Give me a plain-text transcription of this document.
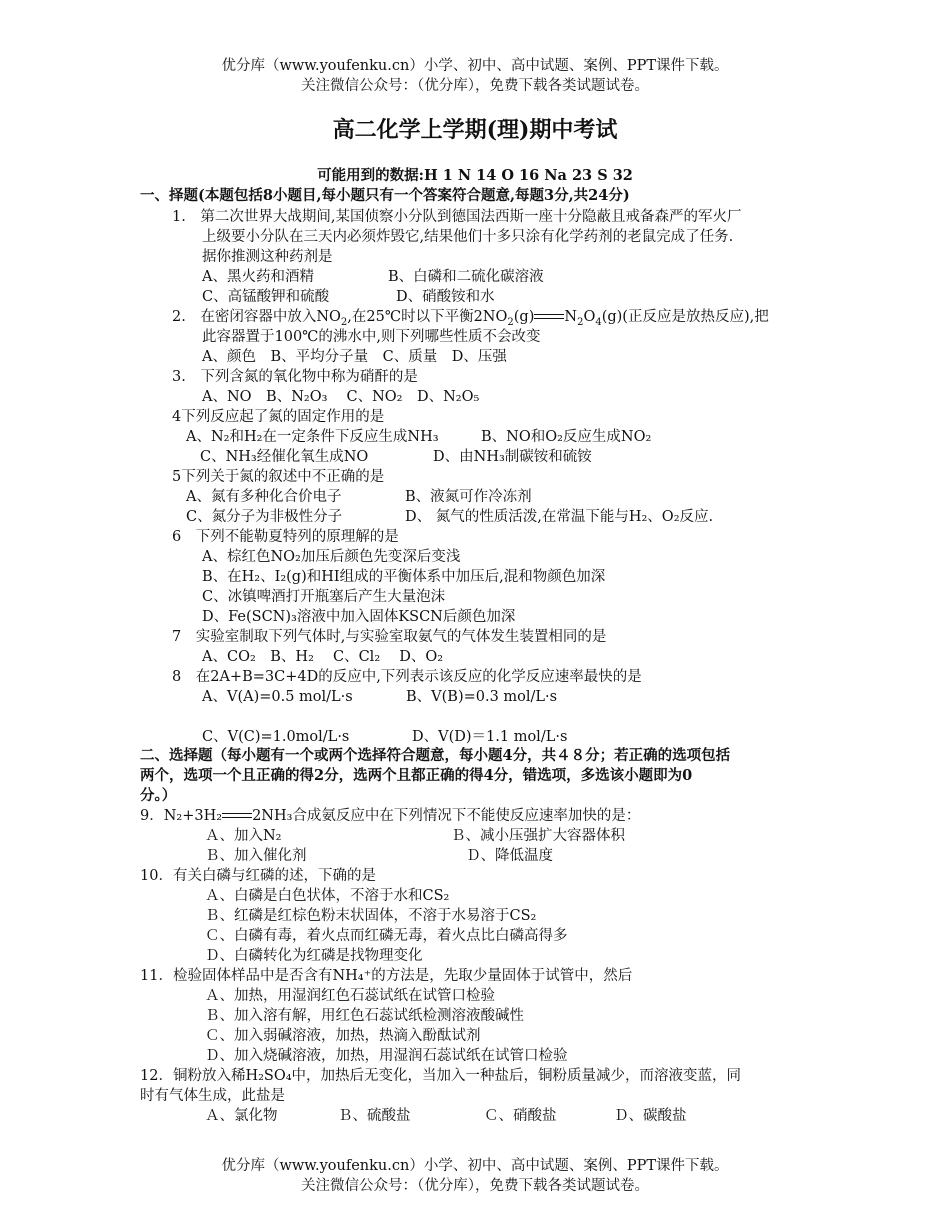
优分库（www.youfenku.cn）小学、初中、高中试题、案例、PPT课件下载。
关注微信公众号：（优分库），免费下载各类试题试卷。
高二化学上学期(理)期中考试
可能用到的数据:H 1 N 14 O 16 Na 23 S 32
一、择题(本题包括8小题目,每小题只有一个答案符合题意,每题3分,共24分)
1.　第二次世界大战期间,某国侦察小分队到德国法西斯一座十分隐蔽且戒备森严的军火厂
上级要小分队在三天内必须炸毁它,结果他们十多只涂有化学药剂的老鼠完成了任务.
据你推测这种药剂是
A、黑火药和酒精	B、白磷和二硫化碳溶液
C、高锰酸钾和硫酸	D、硝酸铵和水
2.　在密闭容器中放入$NO_2$,在25℃时以下平衡$2NO_2(g)$ $N_2O_4(g)$(正反应是放热反应),把
此容器置于100℃的沸水中,则下列哪些性质不会改变
A、颜色　B、平均分子量　C、质量　D、压强
3.　下列含氮的氧化物中称为硝酐的是
A、NO　B、N₂O₃　 C、NO₂　D、N₂O₅
4下列反应起了氮的固定作用的是
A、N₂和H₂在一定条件下反应生成NH₃	B、NO和O₂反应生成NO₂
C、NH₃经催化氧生成NO	D、由NH₃制碳铵和硫铵
5下列关于氮的叙述中不正确的是
A、氮有多种化合价电子	B、液氮可作冷冻剂
C、氮分子为非极性分子	D、 氮气的性质活泼,在常温下能与H₂、O₂反应.
6　下列不能勒夏特列的原理解的是
A、棕红色NO₂加压后颜色先变深后变浅
B、在H₂、I₂(g)和HI组成的平衡体系中加压后,混和物颜色加深
C、冰镇啤酒打开瓶塞后产生大量泡沫
D、Fe(SCN)₃溶液中加入固体KSCN后颜色加深
7　实验室制取下列气体时,与实验室取氨气的气体发生装置相同的是
A、CO₂　B、H₂　 C、Cl₂　 D、O₂
8　在2A+B=3C+4D的反应中,下列表示该反应的化学反应速率最快的是
A、V(A)=0.5 mol/L·s	B、V(B)=0.3 mol/L·s
C、V(C)=1.0mol/L·s	D、V(D)＝1.1 mol/L·s
二、选择题（每小题有一个或两个选择符合题意，每小题4分，共４８分；若正确的选项包括
两个，选项一个且正确的得2分，选两个且都正确的得4分，错选项，多选该小题即为0
分。）
9．N₂+3H₂ 2NH₃合成氨反应中在下列情况下不能使反应速率加快的是：
Ａ、加入N₂	Ｂ、减小压强扩大容器体积
Ｂ、加入催化剂	Ｄ、降低温度
10．有关白磷与红磷的述，下确的是
Ａ、白磷是白色状体，不溶于水和CS₂
Ｂ、红磷是红棕色粉末状固体，不溶于水易溶于CS₂
Ｃ、白磷有毒，着火点而红磷无毒，着火点比白磷高得多
Ｄ、白磷转化为红磷是找物理变化
11．检验固体样品中是否含有NH₄⁺的方法是，先取少量固体于试管中，然后
Ａ、加热，用湿润红色石蕊试纸在试管口检验
Ｂ、加入溶有解，用红色石蕊试纸检测溶液酸碱性
Ｃ、加入弱碱溶液，加热，热滴入酚酞试剂
Ｄ、加入烧碱溶液，加热，用湿润石蕊试纸在试管口检验
12．铜粉放入稀H₂SO₄中，加热后无变化，当加入一种盐后，铜粉质量减少，而溶液变蓝，同
时有气体生成，此盐是
Ａ、氯化物	Ｂ、硫酸盐	Ｃ、硝酸盐	Ｄ、碳酸盐
优分库（www.youfenku.cn）小学、初中、高中试题、案例、PPT课件下载。
关注微信公众号：（优分库），免费下载各类试题试卷。
